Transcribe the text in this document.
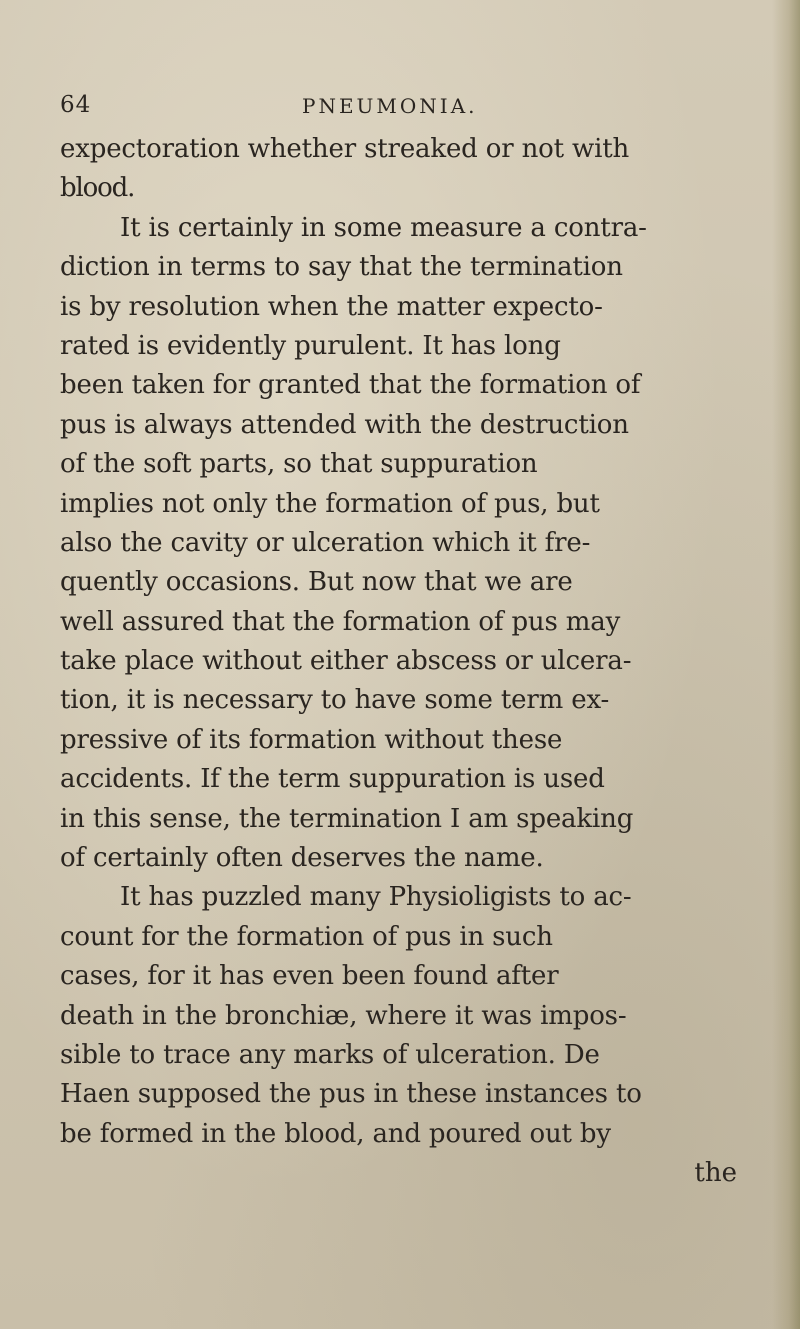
64	PNEUMONIA.
expectoration whether streaked or not with
blood.
It is certainly in some measure a contra-
diction in terms to say that the termination
is by resolution when the matter expecto-
rated is evidently purulent. It has long
been taken for granted that the formation of
pus is always attended with the destruction
of the soft parts, so that suppuration
implies not only the formation of pus, but
also the cavity or ulceration which it fre-
quently occasions. But now that we are
well assured that the formation of pus may
take place without either abscess or ulcera-
tion, it is necessary to have some term ex-
pressive of its formation without these
accidents. If the term suppuration is used
in this sense, the termination I am speaking
of certainly often deserves the name.
It has puzzled many Physioligists to ac-
count for the formation of pus in such
cases, for it has even been found after
death in the bronchiæ, where it was impos-
sible to trace any marks of ulceration. De
Haen supposed the pus in these instances to
be formed in the blood, and poured out by
the
